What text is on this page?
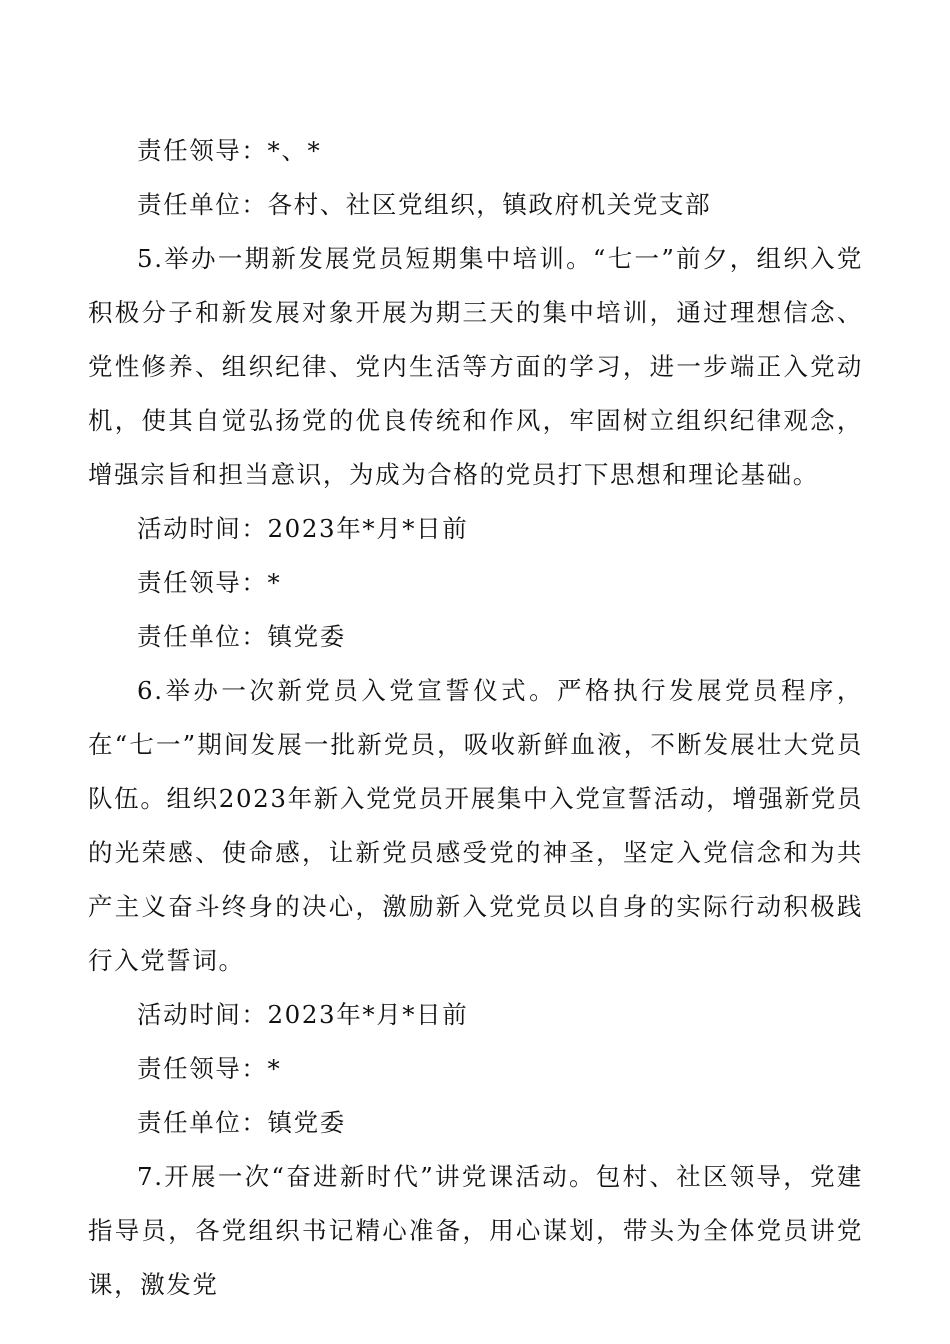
责任领导：*、*

责任单位：各村、社区党组织，镇政府机关党支部

5.举办一期新发展党员短期集中培训。“七一”前夕，组织入党积极分子和新发展对象开展为期三天的集中培训，通过理想信念、党性修养、组织纪律、党内生活等方面的学习，进一步端正入党动机，使其自觉弘扬党的优良传统和作风，牢固树立组织纪律观念，增强宗旨和担当意识，为成为合格的党员打下思想和理论基础。

活动时间：2023年*月*日前

责任领导：*

责任单位：镇党委

6.举办一次新党员入党宣誓仪式。严格执行发展党员程序，在“七一”期间发展一批新党员，吸收新鲜血液，不断发展壮大党员队伍。组织2023年新入党党员开展集中入党宣誓活动，增强新党员的光荣感、使命感，让新党员感受党的神圣，坚定入党信念和为共产主义奋斗终身的决心，激励新入党党员以自身的实际行动积极践行入党誓词。

活动时间：2023年*月*日前

责任领导：*

责任单位：镇党委

7.开展一次“奋进新时代”讲党课活动。包村、社区领导，党建指导员，各党组织书记精心准备，用心谋划，带头为全体党员讲党课，激发党
